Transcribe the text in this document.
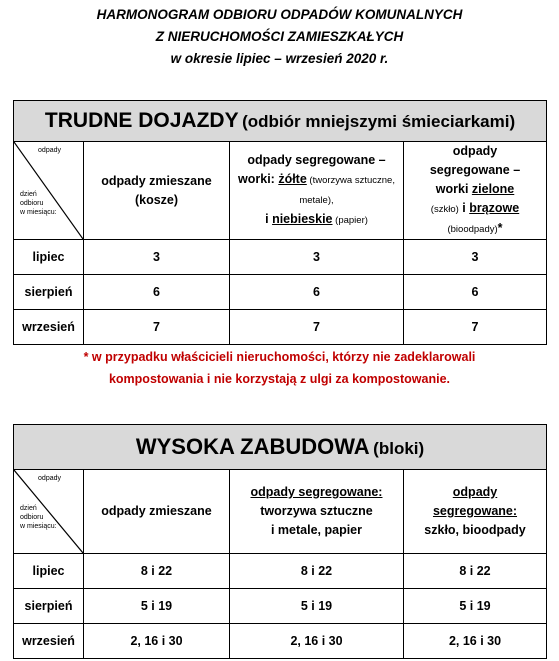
HARMONOGRAM ODBIORU ODPADÓW KOMUNALNYCH
Z NIERUCHOMOŚCI ZAMIESZKAŁYCH
w okresie lipiec – wrzesień 2020 r.
TRUDNE DOJAZDY (odbiór mniejszymi śmieciarkami)			

odpady
dzień
odbioru
w miesiącu:	odpady zmieszane (kosze)	odpady segregowane –
worki: żółte (tworzywa sztuczne, metale),
i niebieskie (papier)	odpady
segregowane –
worki zielone
(szkło) i brązowe
(bioodpady)*
lipiec	3	3	3
sierpień	6	6	6
wrzesień	7	7	7
* w przypadku właścicieli nieruchomości, którzy nie zadeklarowali
kompostowania i nie korzystają z ulgi za kompostowanie.
WYSOKA ZABUDOWA (bloki)			

odpady
dzień
odbioru
w miesiącu:	odpady zmieszane	odpady segregowane:
tworzywa sztuczne
i metale, papier	odpady
segregowane:
szkło, bioodpady
lipiec	8 i 22	8 i 22	8 i 22
sierpień	5 i 19	5 i 19	5 i 19
wrzesień	2, 16 i 30	2, 16 i 30	2, 16 i 30
